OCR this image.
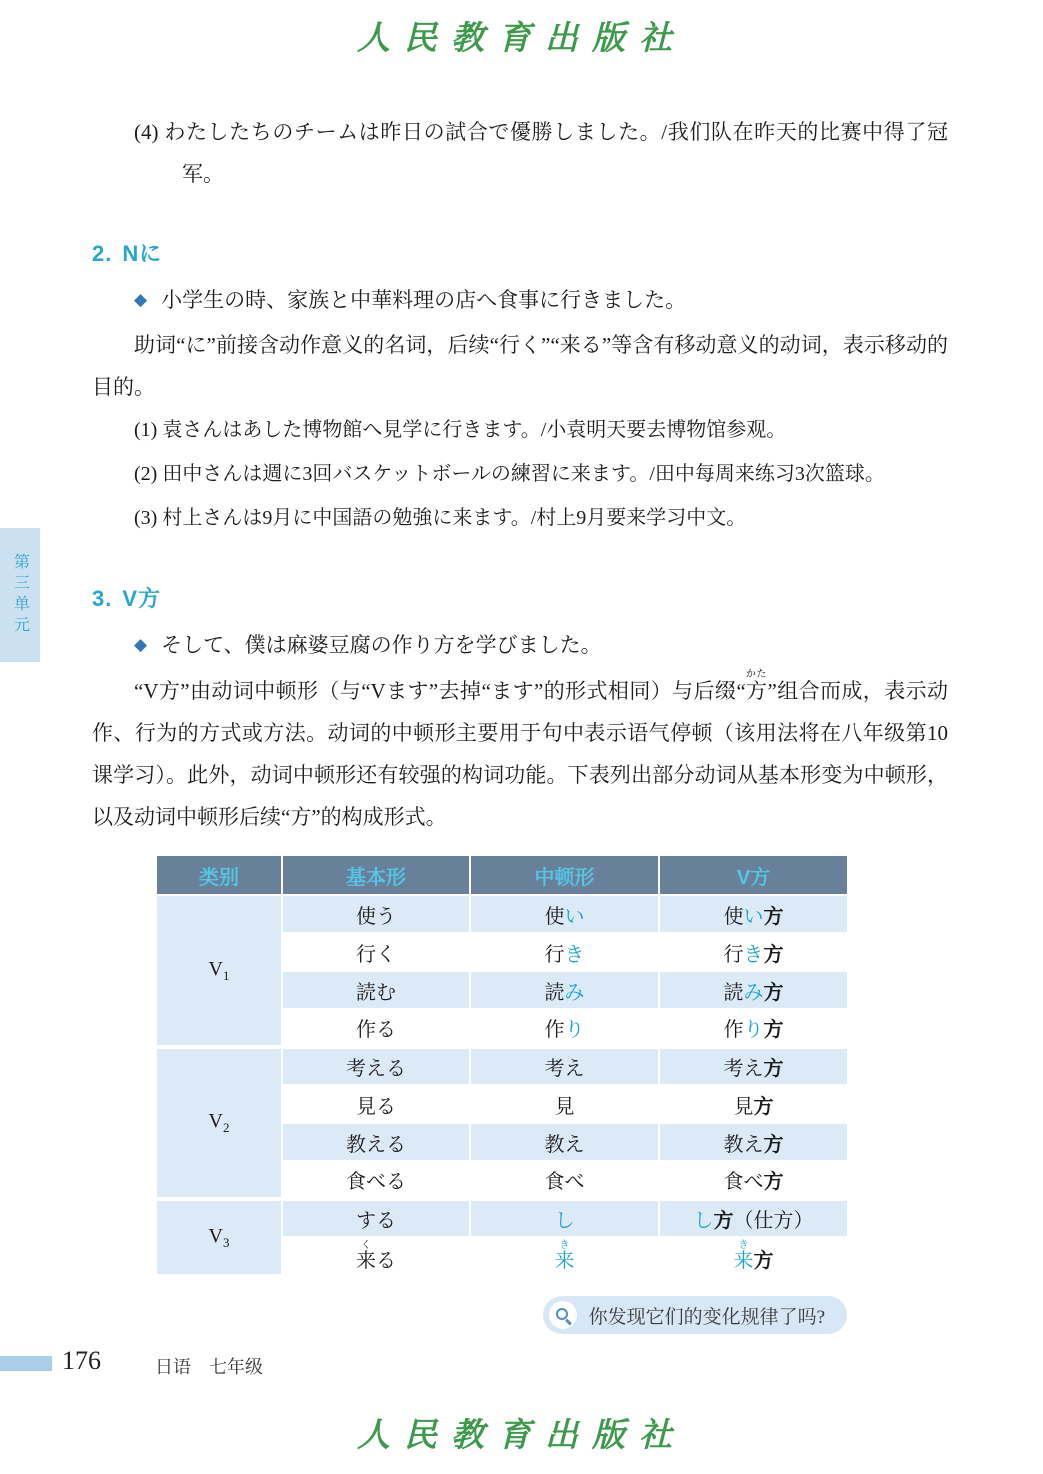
人民教育出版社

(4) わたしたちのチームは昨日の試合で優勝しました。/我们队在昨天的比赛中得了冠军。

2. Nに

◆ 小学生の時、家族と中華料理の店へ食事に行きました。

助词“に”前接含动作意义的名词，后续“行く”“来る”等含有移动意义的动词，表示移动的目的。

(1) 袁さんはあした博物館へ見学に行きます。/小袁明天要去博物馆参观。

(2) 田中さんは週に3回バスケットボールの練習に来ます。/田中每周来练习3次篮球。

(3) 村上さんは9月に中国語の勉強に来ます。/村上9月要来学习中文。

3. V方

◆ そして、僕は麻婆豆腐の作り方を学びました。

“V方”由动词中顿形（与“Vます”去掉“ます”的形式相同）与后缀“方かた”组合而成，表示动作、行为的方式或方法。动词的中顿形主要用于句中表示语气停顿（该用法将在八年级第10课学习）。此外，动词中顿形还有较强的构词功能。下表列出部分动词从基本形变为中顿形，以及动词中顿形后续“方”的构成形式。

类别	基本形	中顿形	V方
$V_1$	使う	使い	使い方
	行く	行き	行き方
	読む	読み	読み方
	作る	作り	作り方
$V_2$	考える	考え	考え方
	見る	見	見方
	教える	教え	教え方
	食べる	食べ	食べ方
$V_3$	する	し	し方（仕方）
	来くる	来き	来き方
你发现它们的变化规律了吗?
第三单元
176	日语　七年级
人民教育出版社
